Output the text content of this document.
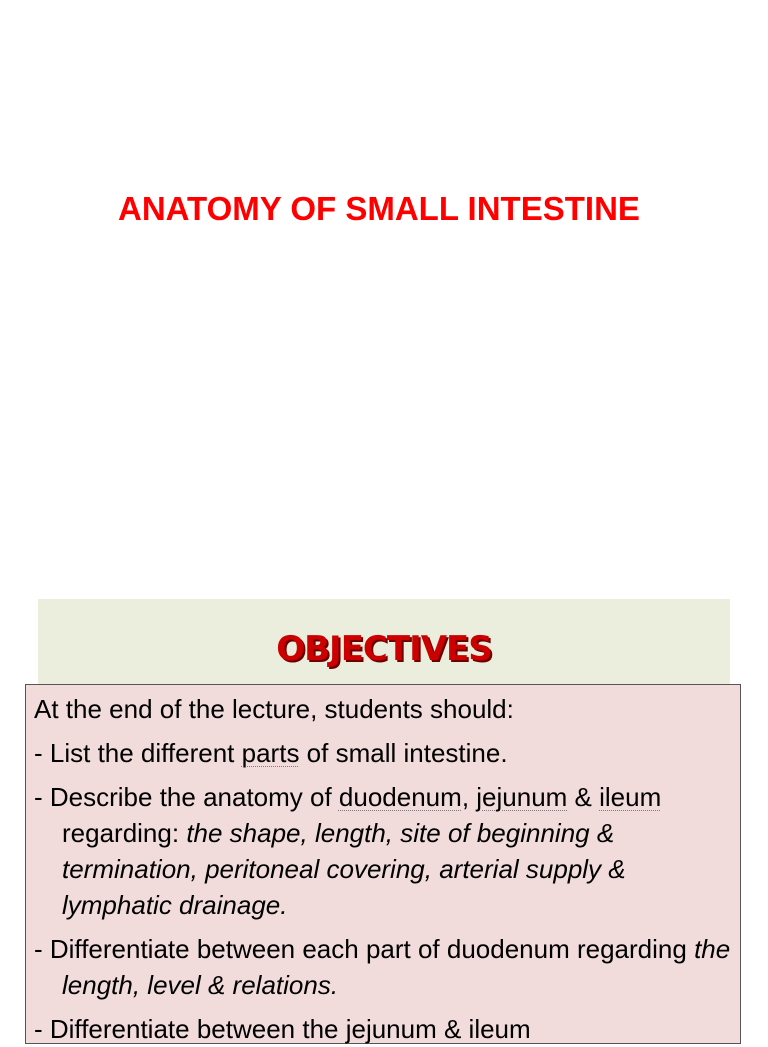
ANATOMY OF SMALL INTESTINE
OBJECTIVES

At the end of the lecture, students should:

- List the different parts of small intestine.

- Describe the anatomy of duodenum, jejunum & ileum regarding: the shape, length, site of beginning & termination, peritoneal covering, arterial supply & lymphatic drainage.

- Differentiate between each part of duodenum regarding the length, level & relations.

- Differentiate between the jejunum & ileum
